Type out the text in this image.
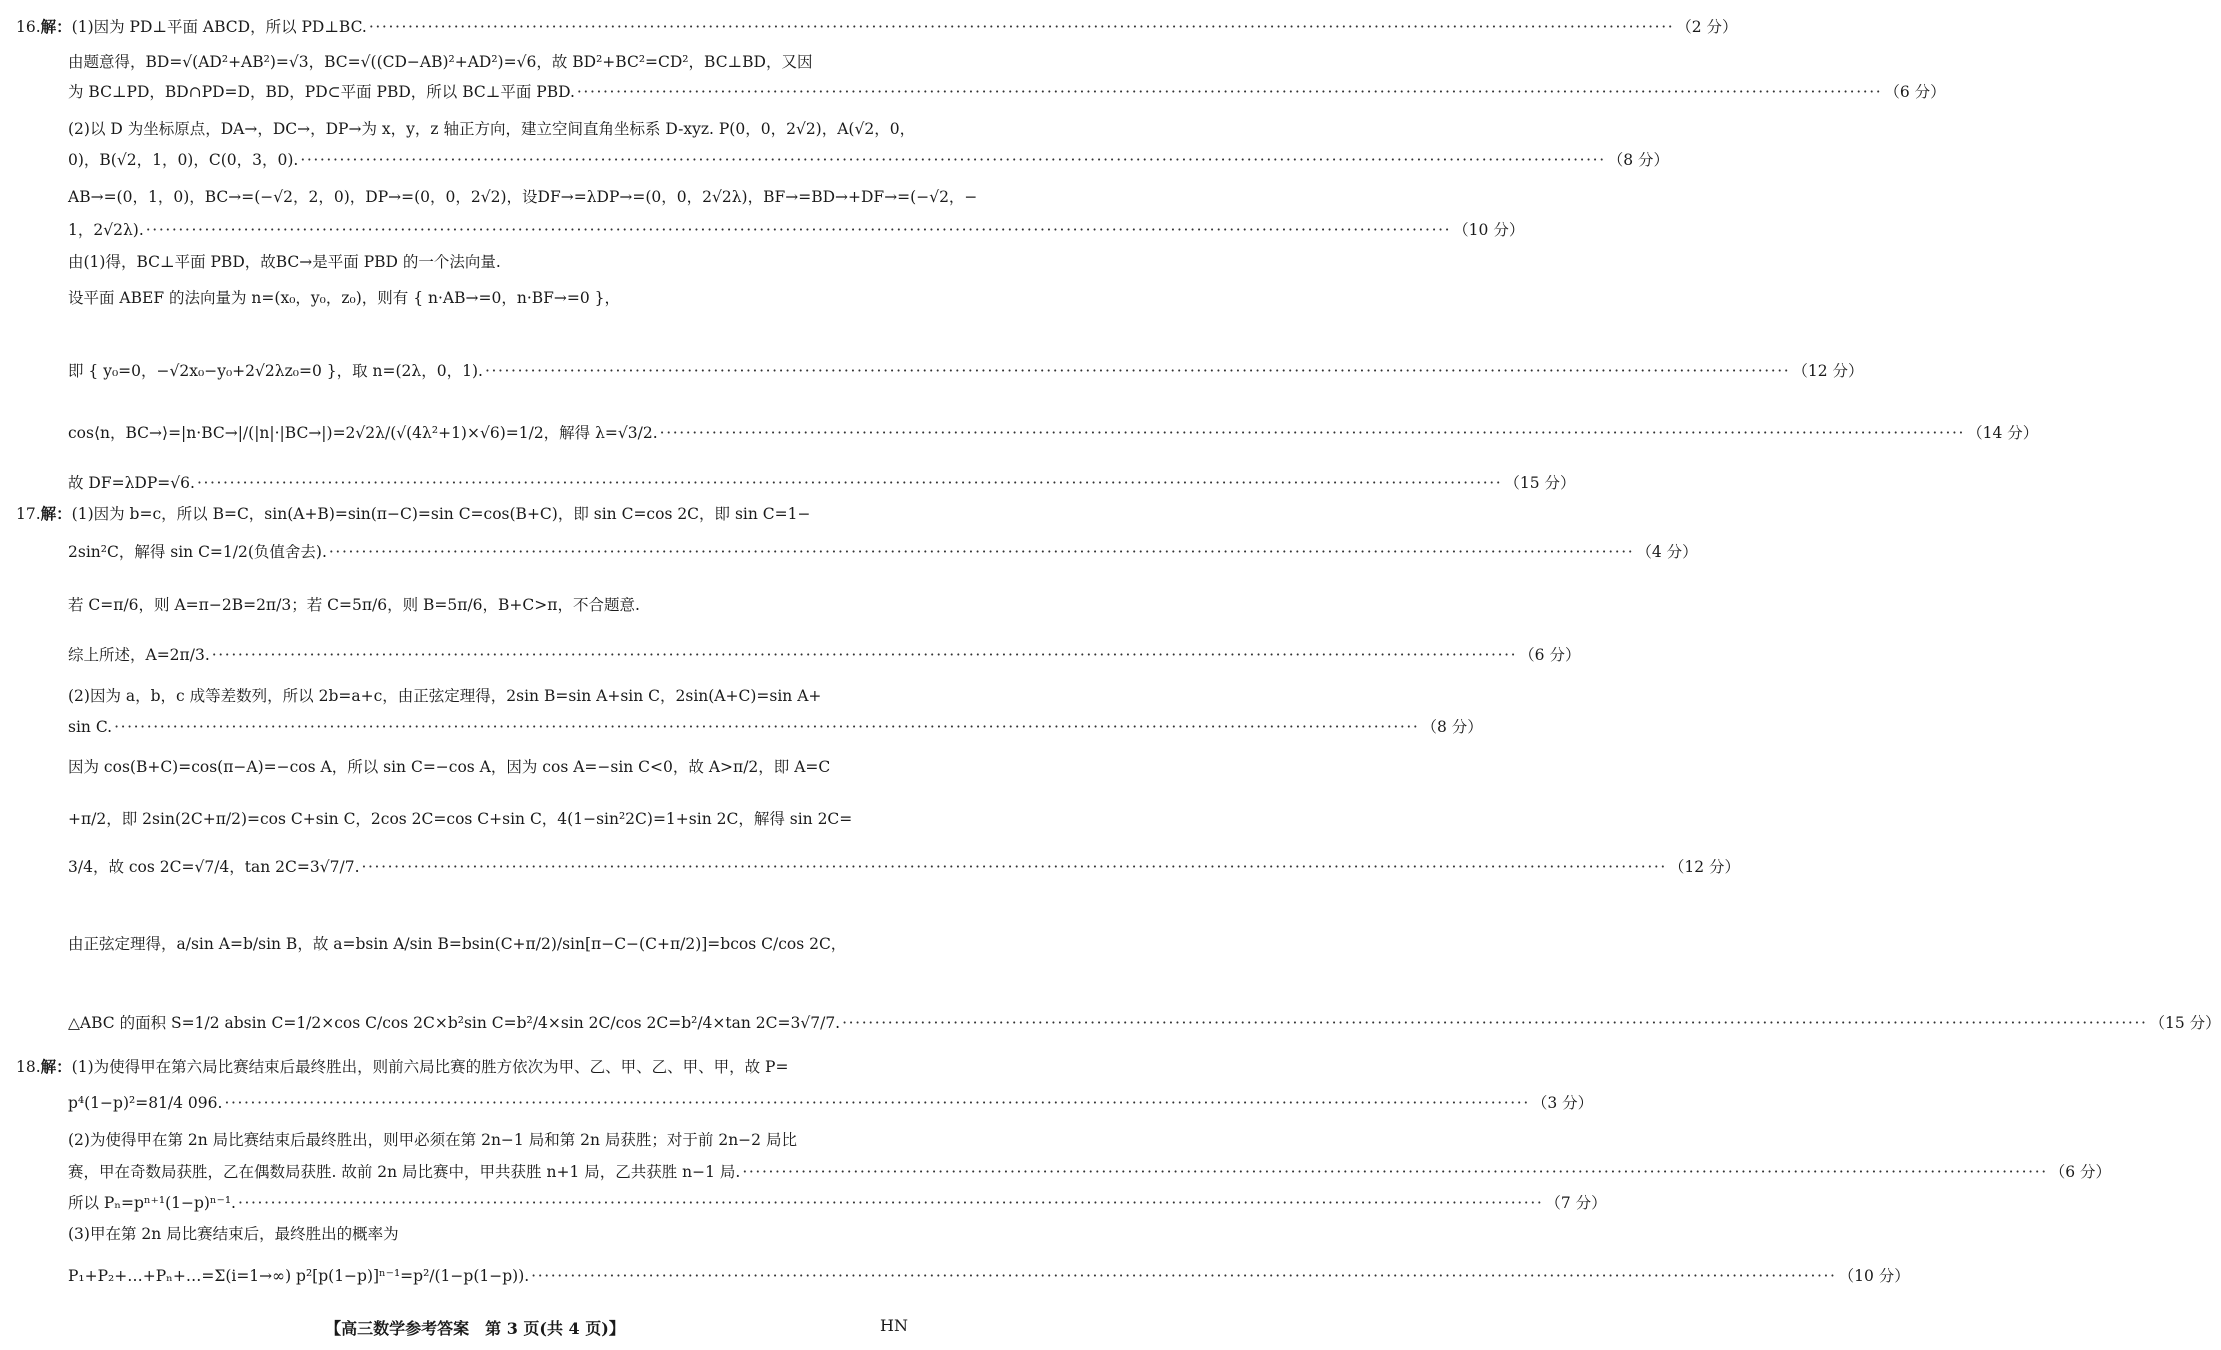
16.解：(1)因为 PD⊥平面 ABCD，所以 PD⊥BC. ········································································································································································································ （2 分）
由题意得，BD=√(AD²+AB²)=√3，BC=√((CD−AB)²+AD²)=√6，故 BD²+BC²=CD²，BC⊥BD，又因
为 BC⊥PD，BD∩PD=D，BD，PD⊂平面 PBD，所以 BC⊥平面 PBD. ········································································································································································································ （6 分）
(2)以 D 为坐标原点，DA→，DC→，DP→为 x，y，z 轴正方向，建立空间直角坐标系 D-xyz. P(0，0，2√2)，A(√2，0，
0)，B(√2，1，0)，C(0，3，0). ········································································································································································································ （8 分）
AB→=(0，1，0)，BC→=(−√2，2，0)，DP→=(0，0，2√2)，设DF→=λDP→=(0，0，2√2λ)，BF→=BD→+DF→=(−√2，−
1，2√2λ). ········································································································································································································ （10 分）
由(1)得，BC⊥平面 PBD，故BC→是平面 PBD 的一个法向量.
设平面 ABEF 的法向量为 n=(x₀，y₀，z₀)，则有 { n·AB→=0，n·BF→=0 }，
即 { y₀=0，−√2x₀−y₀+2√2λz₀=0 }，取 n=(2λ，0，1). ········································································································································································································ （12 分）
cos⟨n，BC→⟩=|n·BC→|/(|n|·|BC→|)=2√2λ/(√(4λ²+1)×√6)=1/2，解得 λ=√3/2. ········································································································································································································ （14 分）
故 DF=λDP=√6. ········································································································································································································ （15 分）
17.解：(1)因为 b=c，所以 B=C，sin(A+B)=sin(π−C)=sin C=cos(B+C)，即 sin C=cos 2C，即 sin C=1−
2sin²C，解得 sin C=1/2(负值舍去). ········································································································································································································ （4 分）
若 C=π/6，则 A=π−2B=2π/3；若 C=5π/6，则 B=5π/6，B+C>π，不合题意.
综上所述，A=2π/3. ········································································································································································································ （6 分）
(2)因为 a，b，c 成等差数列，所以 2b=a+c，由正弦定理得，2sin B=sin A+sin C，2sin(A+C)=sin A+
sin C. ········································································································································································································ （8 分）
因为 cos(B+C)=cos(π−A)=−cos A，所以 sin C=−cos A，因为 cos A=−sin C<0，故 A>π/2，即 A=C
+π/2，即 2sin(2C+π/2)=cos C+sin C，2cos 2C=cos C+sin C，4(1−sin²2C)=1+sin 2C，解得 sin 2C=
3/4，故 cos 2C=√7/4，tan 2C=3√7/7. ········································································································································································································ （12 分）
由正弦定理得，a/sin A=b/sin B，故 a=bsin A/sin B=bsin(C+π/2)/sin[π−C−(C+π/2)]=bcos C/cos 2C，
△ABC 的面积 S=1/2 absin C=1/2×cos C/cos 2C×b²sin C=b²/4×sin 2C/cos 2C=b²/4×tan 2C=3√7/7. ········································································································································································································ （15 分）
18.解：(1)为使得甲在第六局比赛结束后最终胜出，则前六局比赛的胜方依次为甲、乙、甲、乙、甲、甲，故 P=
p⁴(1−p)²=81/4 096. ········································································································································································································ （3 分）
(2)为使得甲在第 2n 局比赛结束后最终胜出，则甲必须在第 2n−1 局和第 2n 局获胜；对于前 2n−2 局比
赛，甲在奇数局获胜，乙在偶数局获胜. 故前 2n 局比赛中，甲共获胜 n+1 局，乙共获胜 n−1 局. ········································································································································································································ （6 分）
所以 Pₙ=pⁿ⁺¹(1−p)ⁿ⁻¹. ········································································································································································································ （7 分）
(3)甲在第 2n 局比赛结束后，最终胜出的概率为
P₁+P₂+…+Pₙ+…=Σ(i=1→∞) p²[p(1−p)]ⁿ⁻¹=p²/(1−p(1−p)). ········································································································································································································ （10 分）
【高三数学参考答案　第 3 页(共 4 页)】	HN
